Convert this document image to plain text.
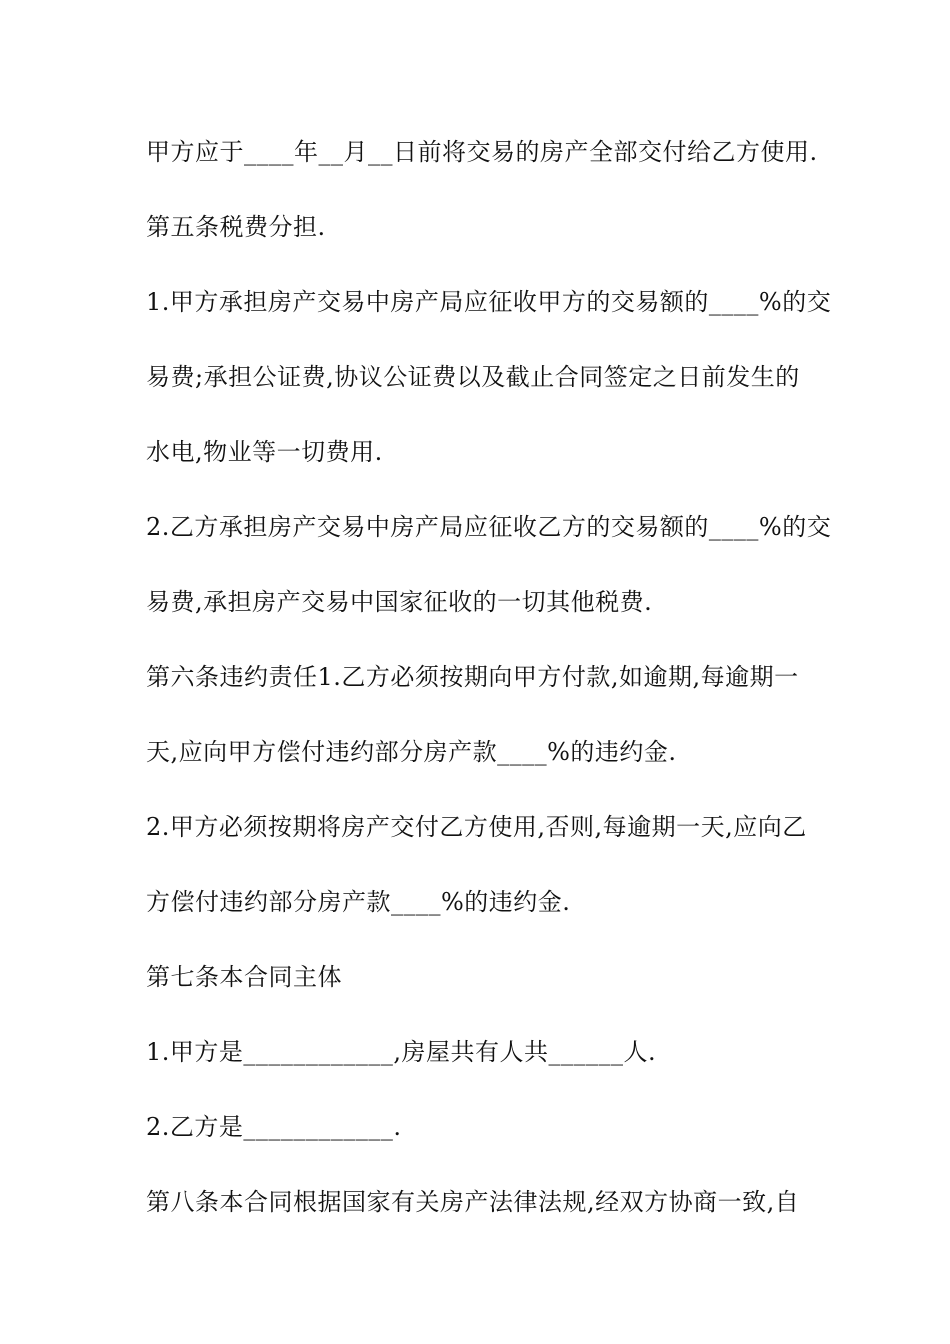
甲方应于____年__月__日前将交易的房产全部交付给乙方使用.

第五条税费分担.

1.甲方承担房产交易中房产局应征收甲方的交易额的____%的交

易费;承担公证费,协议公证费以及截止合同签定之日前发生的

水电,物业等一切费用.

2.乙方承担房产交易中房产局应征收乙方的交易额的____%的交

易费,承担房产交易中国家征收的一切其他税费.

第六条违约责任1.乙方必须按期向甲方付款,如逾期,每逾期一

天,应向甲方偿付违约部分房产款____%的违约金.

2.甲方必须按期将房产交付乙方使用,否则,每逾期一天,应向乙

方偿付违约部分房产款____%的违约金.

第七条本合同主体

1.甲方是____________,房屋共有人共______人.

2.乙方是____________.

第八条本合同根据国家有关房产法律法规,经双方协商一致,自
